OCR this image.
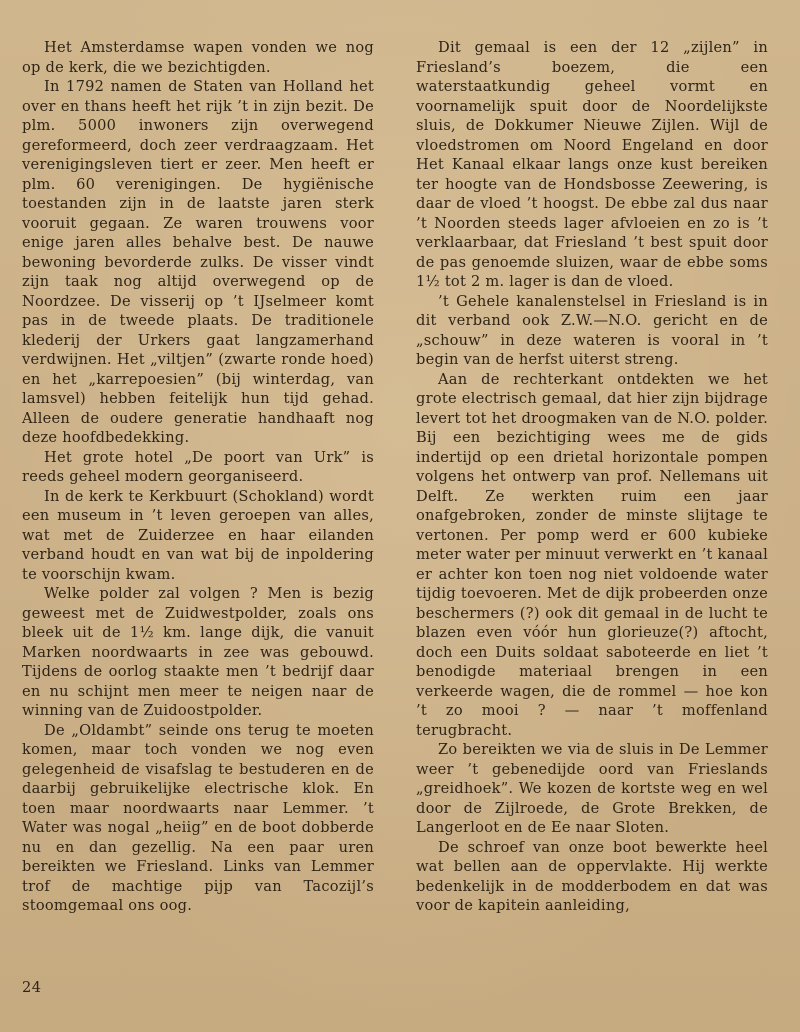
Het Amsterdamse wapen vonden we nog op de kerk, die we bezichtigden.

In 1792 namen de Staten van Holland het over en thans heeft het rijk ’t in zijn bezit. De plm. 5000 inwoners zijn overwegend gereformeerd, doch zeer verdraagzaam. Het verenigingsleven tiert er zeer. Men heeft er plm. 60 verenigingen. De hygiënische toestanden zijn in de laatste jaren sterk vooruit gegaan. Ze waren trouwens voor enige jaren alles behalve best. De nauwe bewoning bevorderde zulks. De visser vindt zijn taak nog altijd overwegend op de Noordzee. De visserij op ’t IJselmeer komt pas in de tweede plaats. De traditionele klederij der Urkers gaat langzamerhand verdwijnen. Het „viltjen” (zwarte ronde hoed) en het „karrepoesien” (bij winterdag, van lamsvel) hebben feitelijk hun tijd gehad. Alleen de oudere generatie handhaaft nog deze hoofdbedekking.

Het grote hotel „De poort van Urk” is reeds geheel modern georganiseerd.

In de kerk te Kerkbuurt (Schokland) wordt een museum in ’t leven geroepen van alles, wat met de Zuiderzee en haar eilanden verband houdt en van wat bij de inpoldering te voorschijn kwam.

Welke polder zal volgen ? Men is bezig geweest met de Zuidwestpolder, zoals ons bleek uit de 1½ km. lange dijk, die vanuit Marken noordwaarts in zee was gebouwd. Tijdens de oorlog staakte men ’t bedrijf daar en nu schijnt men meer te neigen naar de winning van de Zuidoostpolder.

De „Oldambt” seinde ons terug te moeten komen, maar toch vonden we nog even gelegenheid de visafslag te bestuderen en de daarbij gebruikelijke electrische klok. En toen maar noordwaarts naar Lemmer. ’t Water was nogal „heiig” en de boot dobberde nu en dan gezellig. Na een paar uren bereikten we Friesland. Links van Lemmer trof de machtige pijp van Tacozijl’s stoomgemaal ons oog.

Dit gemaal is een der 12 „zijlen” in Friesland’s boezem, die een waterstaatkundig geheel vormt en voornamelijk spuit door de Noordelijkste sluis, de Dokkumer Nieuwe Zijlen. Wijl de vloedstromen om Noord Engeland en door Het Kanaal elkaar langs onze kust bereiken ter hoogte van de Hondsbosse Zeewering, is daar de vloed ’t hoogst. De ebbe zal dus naar ’t Noorden steeds lager afvloeien en zo is ’t verklaarbaar, dat Friesland ’t best spuit door de pas genoemde sluizen, waar de ebbe soms 1½ tot 2 m. lager is dan de vloed.

’t Gehele kanalenstelsel in Friesland is in dit verband ook Z.W.—N.O. gericht en de „schouw” in deze wateren is vooral in ’t begin van de herfst uiterst streng.

Aan de rechterkant ontdekten we het grote electrisch gemaal, dat hier zijn bijdrage levert tot het droogmaken van de N.O. polder. Bij een bezichtiging wees me de gids indertijd op een drietal horizontale pompen volgens het ontwerp van prof. Nellemans uit Delft. Ze werkten ruim een jaar onafgebroken, zonder de minste slijtage te vertonen. Per pomp werd er 600 kubieke meter water per minuut verwerkt en ’t kanaal er achter kon toen nog niet voldoende water tijdig toevoeren. Met de dijk probeerden onze beschermers (?) ook dit gemaal in de lucht te blazen even vóór hun glorieuze(?) aftocht, doch een Duits soldaat saboteerde en liet ’t benodigde materiaal brengen in een verkeerde wagen, die de rommel — hoe kon ’t zo mooi ? — naar ’t moffenland terugbracht.

Zo bereikten we via de sluis in De Lemmer weer ’t gebenedijde oord van Frieslands „greidhoek”. We kozen de kortste weg en wel door de Zijlroede, de Grote Brekken, de Langerloot en de Ee naar Sloten.

De schroef van onze boot bewerkte heel wat bellen aan de oppervlakte. Hij werkte bedenkelijk in de modderbodem en dat was voor de kapitein aanleiding,

24
